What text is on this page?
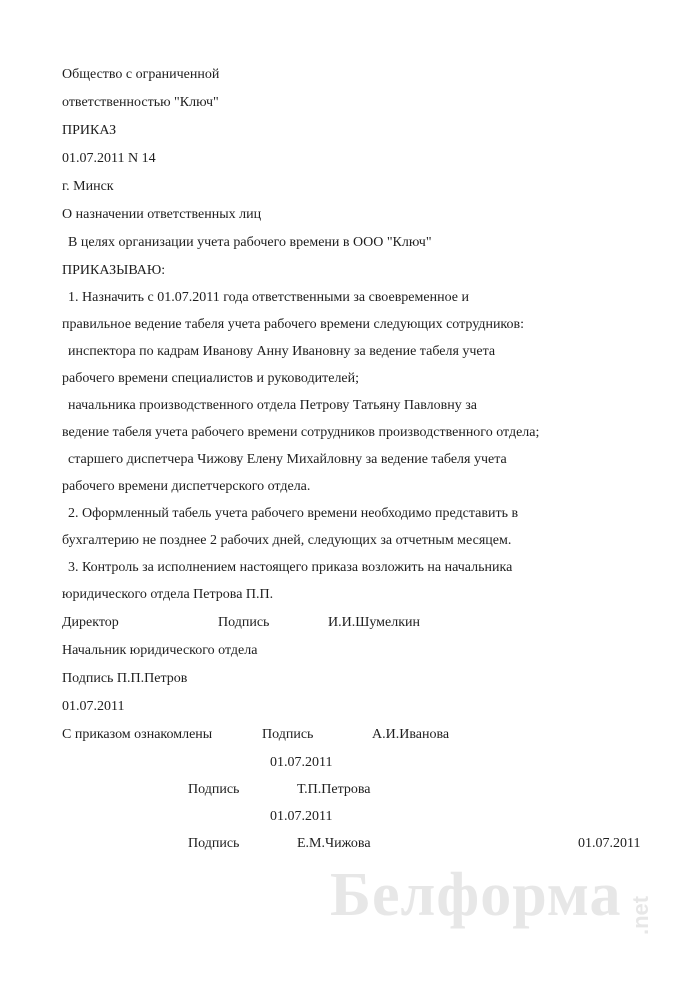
Общество с ограниченной
ответственностью "Ключ"
ПРИКАЗ
01.07.2011 N 14
г. Минск
О назначении ответственных лиц
В целях организации учета рабочего времени в ООО "Ключ"
ПРИКАЗЫВАЮ:
1. Назначить с 01.07.2011 года ответственными за своевременное и
правильное ведение табеля учета рабочего времени следующих сотрудников:
инспектора по кадрам Иванову Анну Ивановну за ведение табеля учета
рабочего времени специалистов и руководителей;
начальника производственного отдела Петрову Татьяну Павловну за
ведение табеля учета рабочего времени сотрудников производственного отдела;
старшего диспетчера Чижову Елену Михайловну за ведение табеля учета
рабочего времени диспетчерского отдела.
2. Оформленный табель учета рабочего времени необходимо представить в
бухгалтерию не позднее 2 рабочих дней, следующих за отчетным месяцем.
3. Контроль за исполнением настоящего приказа возложить на начальника
юридического отдела Петрова П.П.
Директор	Подпись	И.И.Шумелкин
Начальник юридического отдела
Подпись П.П.Петров
01.07.2011
С приказом ознакомлены	Подпись	А.И.Иванова
01.07.2011
Подпись	Т.П.Петрова
01.07.2011
Подпись	Е.М.Чижова	01.07.2011
Белформа .net
